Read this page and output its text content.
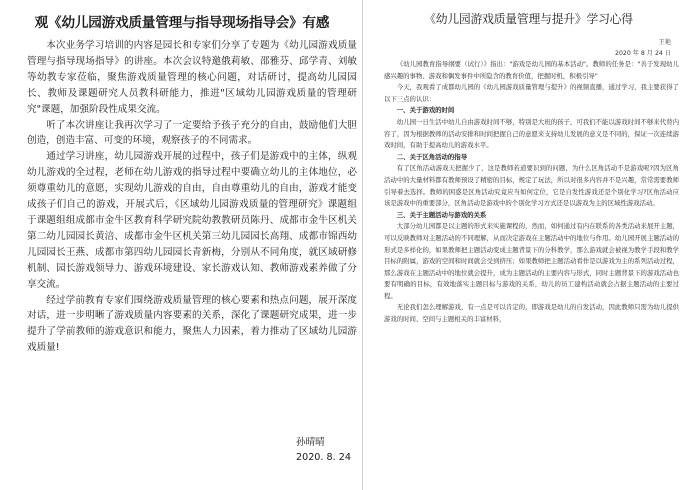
观《幼儿园游戏质量管理与指导现场指导会》有感

本次业务学习培训的内容是园长和专家们分享了专题为《幼儿园游戏质量管理与指导现场指导》的讲座。本次会议特邀俄莉敏、邵雅芬、邱学青、刘敏等幼教专家莅临，聚焦游戏质量管理的核心问题，对话研讨，提高幼儿园园长、教师及课题研究人员教科研能力，推进"区域幼儿园游戏质量的管理研究"课题，加强阶段性成果交流。

听了本次讲座让我再次学习了一定要给予孩子充分的自由，鼓励他们大胆创造，创造丰富、可变的环境，观察孩子的不同需求。

通过学习讲座，幼儿园游戏开展的过程中，孩子们是游戏中的主体，纵观幼儿游戏的全过程，老师在幼儿游戏的指导过程中要确立幼儿的主体地位，必须尊重幼儿的意愿，实现幼儿游戏的自由，自由尊重幼儿的自由，游戏才能变成孩子们自己的游戏，开展式后，《区域幼儿园游戏质量的管理研究》课题组于课题组组成都市金牛区教育科学研究院幼教教研员陈丹、成都市金牛区机关第二幼儿园园长黄涪、成都市金牛区机关第三幼儿园园长高翔、成都市锦西幼儿园园长王燕、成都市第四幼儿园园长青新梅，分别从不同角度，就区域研修机制、园长游戏领导力、游戏环境建设、家长游戏认知、教师游戏素养做了分享交流。

经过学前教育专家们围绕游戏质量管理的核心要素和热点问题，展开深度对话，进一步明晰了游戏质量内容要素的关系，深化了课题研究成果，进一步提升了学前教师的游戏意识和能力，聚焦人力因素，着力推动了区域幼儿园游戏质量!

孙晴晴
2020. 8. 24
《幼儿园游戏质量管理与提升》学习心得
王艳
2020 年 8 月 24 日

《幼儿园教育指导纲要（试行）》指出："游戏是幼儿园的基本活动"。教师的任务是："善于发现幼儿感兴趣的事物、游戏和偶发事件中所隐含的教育价值，把握时机，积极引导"

今天，我观看了成都幼儿园的《幼儿园游戏质量管理与提升》的视频直播，通过学习，我主要获得了以下三点的认识：

一、关于游戏的时间

幼儿园一日生活中幼儿自由游戏时间不够，特别是大班的孩子，可我们不能以游戏时间不够来代替内容了，因为根据教师的活动安排和时间把握自己的意愿来支持幼儿发展的意义是不同的，保证一次连续游戏时间，有助于提高幼儿的游戏水平。

二、关于区角活动的指导

有了区角活动游戏天把握少了，这是教师若道要识到的问题，为什么区角活动不是游戏呢?因为区角活动中的大量材料都有教师预设了精密的目标，规定了玩法，所以对很多内容并不是兴趣，常常需要教师引导着去选择。教师的困惑是区角活动究竟应当如何定位，它是自发性游戏还是个别化学习?区角活动应该是游戏中的重要部分，区角活动是游戏中的个别化学习方式还是以游戏为主的区域性游戏活动。

三、关于主题活动与游戏的关系

大部分幼儿园都是以主题的形式来实施课程的，然而，如何通过有内在联系的各类活动来展开主题，可以反映教师对主题活动的不同理解，从而决定游戏在主题活动中的地位与作用。幼儿园开展主题活动的形式是多样化的，如果教师把主题活动变成主题背景下的分科教学，那么游戏就会被视为教学手段和教学目标的附属，游戏的空间和时间就会受到挤压；如果教师把主题活动看作是以游戏为主的系列活动过程，那么游戏在主题活动中的地位就会提升，成为主题活动的主要内容与形式，同时主题背景下的游戏活动也要有明确的目标，有效地落实主题目标与游戏的关系，幼儿的员工建构活动就会占据主题活动的主要过程。

无论我们怎么理解游戏，有一点是可以肯定的，即游戏是幼儿的自发活动，因此教师只需为幼儿提供游戏的时间、空间与主题相关的丰富材料，
